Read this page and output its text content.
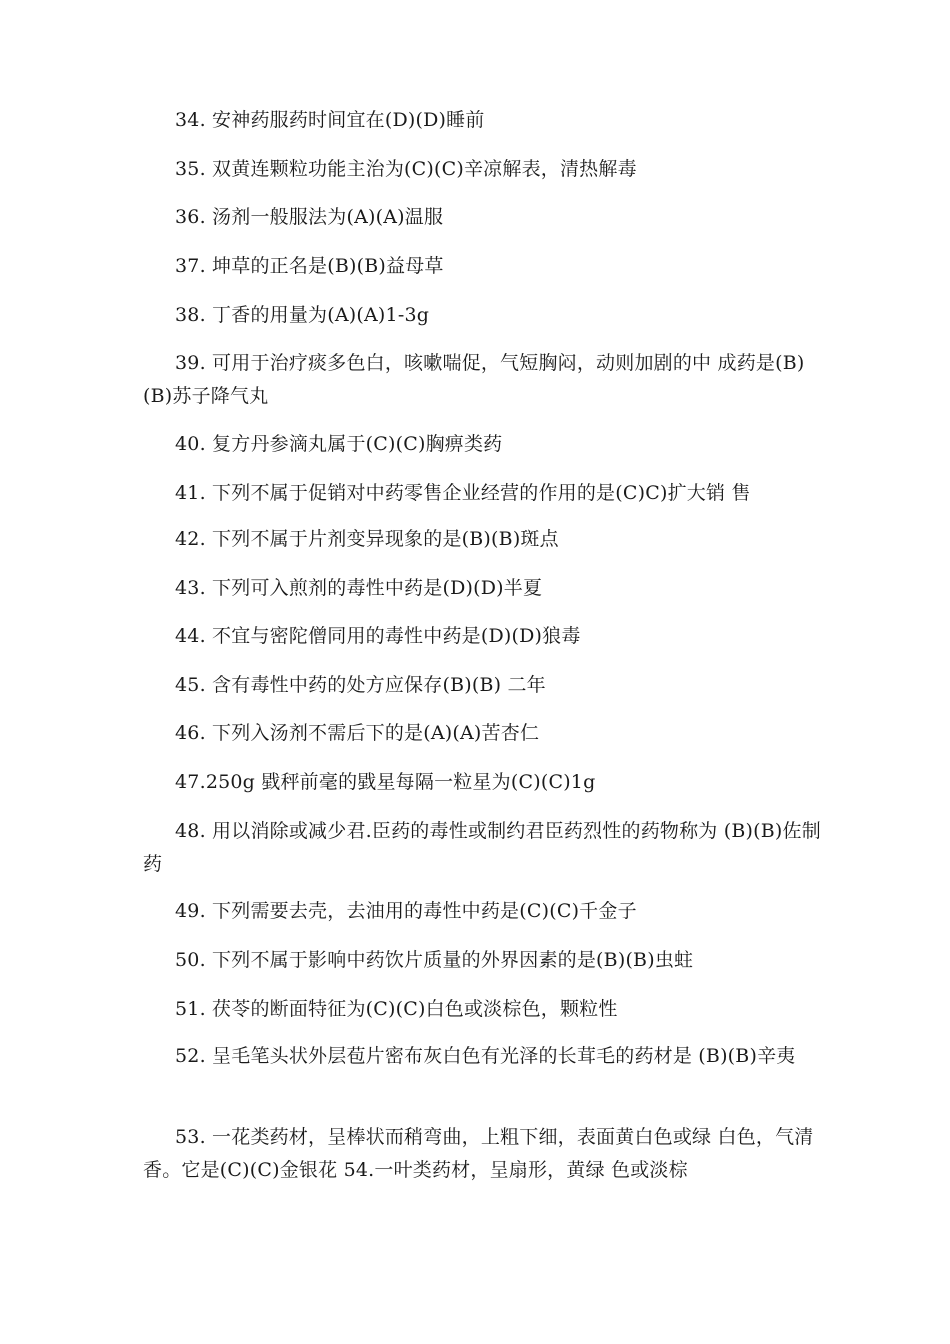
34. 安神药服药时间宜在(D)(D)睡前

35. 双黄连颗粒功能主治为(C)(C)辛凉解表，清热解毒

36. 汤剂一般服法为(A)(A)温服

37. 坤草的正名是(B)(B)益母草

38. 丁香的用量为(A)(A)1-3g

39. 可用于治疗痰多色白，咳嗽喘促，气短胸闷，动则加剧的中 成药是(B)(B)苏子降气丸

40. 复方丹参滴丸属于(C)(C)胸痹类药

41. 下列不属于促销对中药零售企业经营的作用的是(C)C)扩大销 售

42. 下列不属于片剂变异现象的是(B)(B)斑点

43. 下列可入煎剂的毒性中药是(D)(D)半夏

44. 不宜与密陀僧同用的毒性中药是(D)(D)狼毒

45. 含有毒性中药的处方应保存(B)(B) 二年

46. 下列入汤剂不需后下的是(A)(A)苦杏仁

47.250g 戥秤前毫的戥星每隔一粒星为(C)(C)1g

48. 用以消除或减少君.臣药的毒性或制约君臣药烈性的药物称为 (B)(B)佐制药

49. 下列需要去壳，去油用的毒性中药是(C)(C)千金子

50. 下列不属于影响中药饮片质量的外界因素的是(B)(B)虫蛀

51. 茯苓的断面特征为(C)(C)白色或淡棕色，颗粒性

52. 呈毛笔头状外层苞片密布灰白色有光泽的长茸毛的药材是 (B)(B)辛夷

53. 一花类药材，呈棒状而稍弯曲，上粗下细，表面黄白色或绿 白色，气清香。它是(C)(C)金银花 54.一叶类药材，呈扇形，黄绿 色或淡棕
